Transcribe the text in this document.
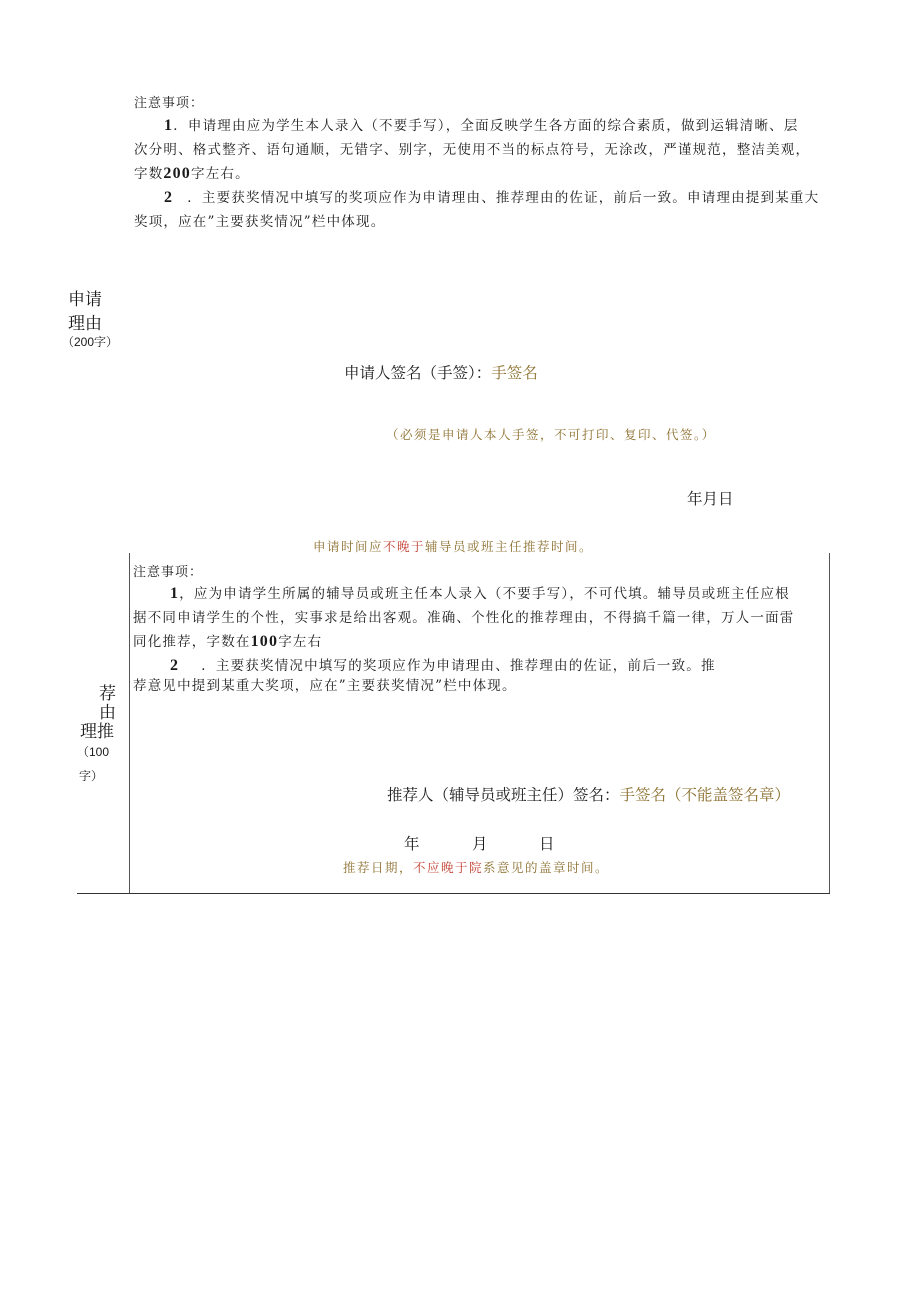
注意事项：
1．申请理由应为学生本人录入（不要手写），全面反映学生各方面的综合素质，做到运辑清晰、层
次分明、格式整齐、语句通顺，无错字、别字，无使用不当的标点符号，无涂改，严谨规范，整洁美观，
字数200字左右。
2 ．主要获奖情况中填写的奖项应作为申请理由、推荐理由的佐证，前后一致。申请理由提到某重大
奖项，应在”主要获奖情况”栏中体现。
申请
理由
（200字）
申请人签名（手签）：手签名
（必须是申请人本人手签，不可打印、复印、代签。）
年月日
申请时间应不晚于辅导员或班主任推荐时间。
注意事项：
1，应为申请学生所属的辅导员或班主任本人录入（不要手写），不可代填。辅导员或班主任应根
据不同申请学生的个性，实事求是给出客观。准确、个性化的推荐理由，不得搞千篇一律，万人一面雷
同化推荐，字数在100字左右
2 ．主要获奖情况中填写的奖项应作为申请理由、推荐理由的佐证，前后一致。推
荐意见中提到某重大奖项，应在”主要获奖情况”栏中体现。
荐
由
理推
（100
字）
推荐人（辅导员或班主任）签名：手签名（不能盖签名章）
年	月	日
推荐日期，不应晚于院系意见的盖章时间。
